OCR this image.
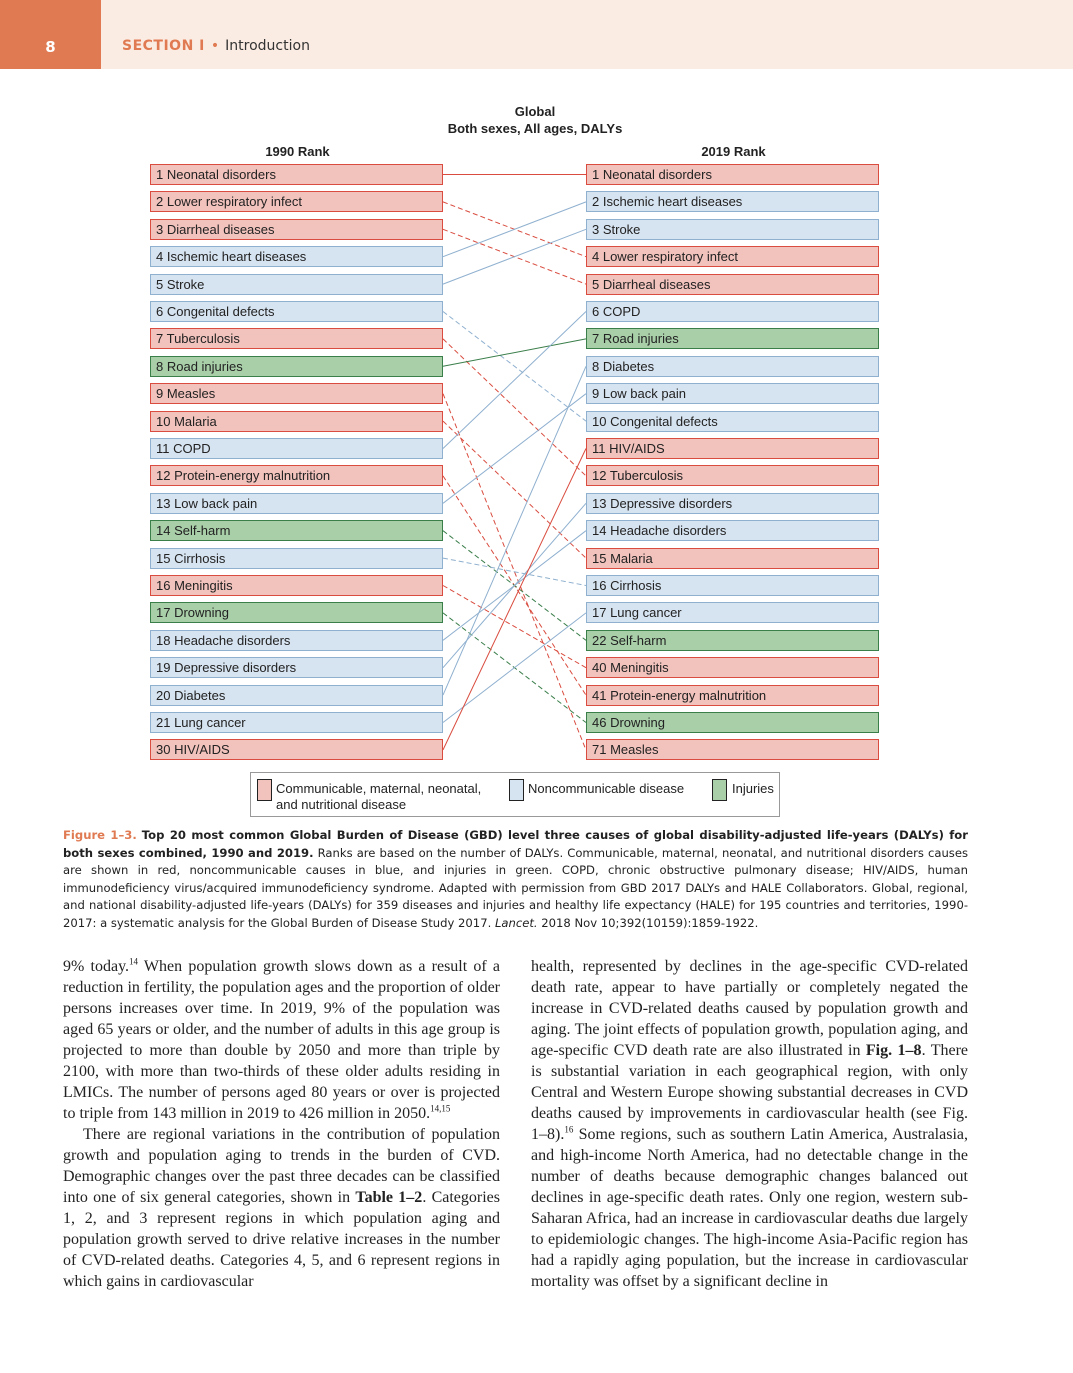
8	SECTION I • Introduction
Global
Both sexes, All ages, DALYs
1990 Rank	2019 Rank
1 Neonatal disorders
2 Lower respiratory infect
3 Diarrheal diseases
4 Ischemic heart diseases
5 Stroke
6 Congenital defects
7 Tuberculosis
8 Road injuries
9 Measles
10 Malaria
11 COPD
12 Protein-energy malnutrition
13 Low back pain
14 Self-harm
15 Cirrhosis
16 Meningitis
17 Drowning
18 Headache disorders
19 Depressive disorders
20 Diabetes
21 Lung cancer
30 HIV/AIDS
1 Neonatal disorders
2 Ischemic heart diseases
3 Stroke
4 Lower respiratory infect
5 Diarrheal diseases
6 COPD
7 Road injuries
8 Diabetes
9 Low back pain
10 Congenital defects
11 HIV/AIDS
12 Tuberculosis
13 Depressive disorders
14 Headache disorders
15 Malaria
16 Cirrhosis
17 Lung cancer
22 Self-harm
40 Meningitis
41 Protein-energy malnutrition
46 Drowning
71 Measles
Communicable, maternal, neonatal,
and nutritional disease
Noncommunicable disease	Injuries
Figure 1–3. Top 20 most common Global Burden of Disease (GBD) level three causes of global disability-adjusted life-years (DALYs) for both sexes combined, 1990 and 2019. Ranks are based on the number of DALYs. Communicable, maternal, neonatal, and nutritional disorders causes are shown in red, noncommunicable causes in blue, and injuries in green. COPD, chronic obstructive pulmonary disease; HIV/AIDS, human immunodeficiency virus/acquired immunodeficiency syndrome. Adapted with permission from GBD 2017 DALYs and HALE Collaborators. Global, regional, and national disability-adjusted life-years (DALYs) for 359 diseases and injuries and healthy life expectancy (HALE) for 195 countries and territories, 1990-2017: a systematic analysis for the Global Burden of Disease Study 2017. Lancet. 2018 Nov 10;392(10159):1859-1922.

9% today.$^{14}$ When population growth slows down as a result of a reduction in fertility, the population ages and the proportion of older persons increases over time. In 2019, 9% of the population was aged 65 years or older, and the number of adults in this age group is projected to more than double by 2050 and more than triple by 2100, with more than two-thirds of these older adults residing in LMICs. The number of persons aged 80 years or over is projected to triple from 143 million in 2019 to 426 million in 2050.$^{14,15}$

There are regional variations in the contribution of population growth and population aging to trends in the burden of CVD. Demographic changes over the past three decades can be classified into one of six general categories, shown in Table 1–2. Categories 1, 2, and 3 represent regions in which population aging and population growth served to drive relative increases in the number of CVD-related deaths. Categories 4, 5, and 6 represent regions in which gains in cardiovascular

health, represented by declines in the age-specific CVD-related death rate, appear to have partially or completely negated the increase in CVD-related deaths caused by population growth and aging. The joint effects of population growth, population aging, and age-specific CVD death rate are also illustrated in Fig. 1–8. There is substantial variation in each geographical region, with only Central and Western Europe showing substantial decreases in CVD deaths caused by improvements in cardiovascular health (see Fig. 1–8).$^{16}$ Some regions, such as southern Latin America, Australasia, and high-income North America, had no detectable change in the number of deaths because demographic changes balanced out declines in age-specific death rates. Only one region, western sub-Saharan Africa, had an increase in cardiovascular deaths due largely to epidemiologic changes. The high-income Asia-Pacific region has had a rapidly aging population, but the increase in cardiovascular mortality was offset by a significant decline in
